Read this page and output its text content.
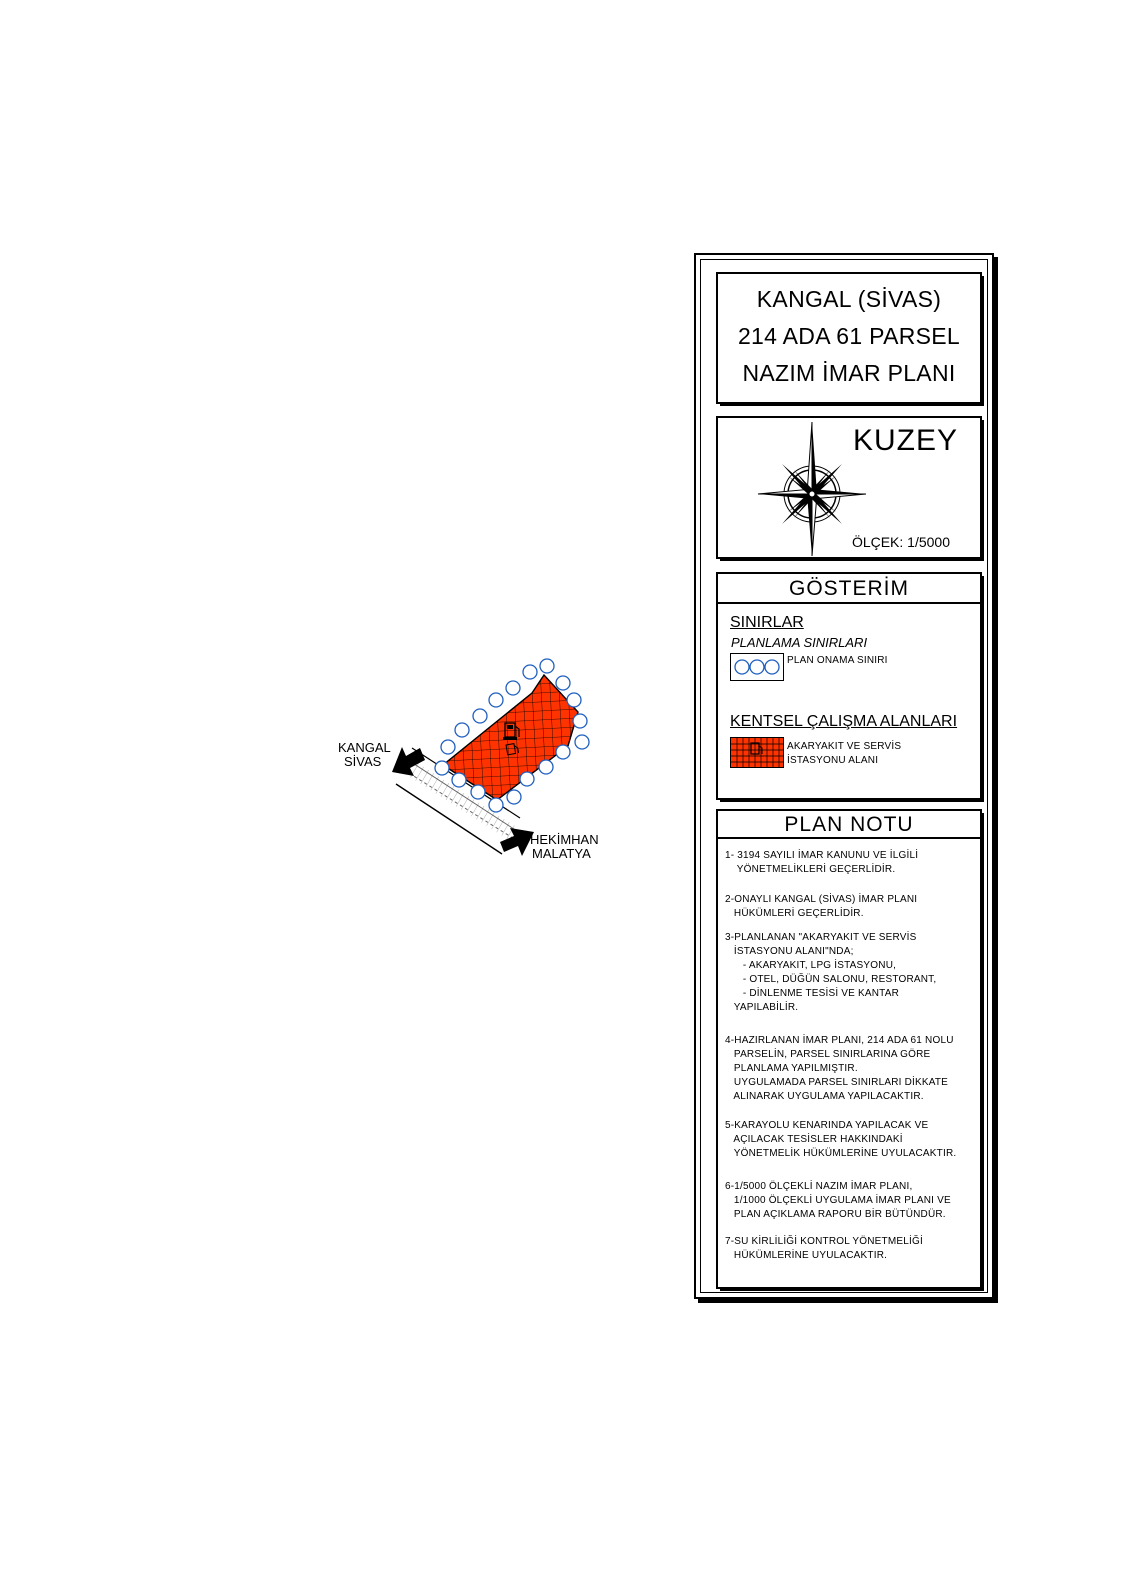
KANGAL
SİVAS
HEKİMHAN
MALATYA
KANGAL (SİVAS)
214 ADA 61 PARSEL
NAZIM İMAR PLANI
KUZEY
ÖLÇEK: 1/5000
GÖSTERİM
SINIRLAR
PLANLAMA SINIRLARI
PLAN ONAMA SINIRI
KENTSEL ÇALIŞMA ALANLARI
AKARYAKIT VE SERVİS
İSTASYONU ALANI
PLAN NOTU
1- 3194 SAYILI İMAR KANUNU VE İLGİLİ
YÖNETMELİKLERİ GEÇERLİDİR.
2-ONAYLI KANGAL (SİVAS) İMAR PLANI
HÜKÜMLERİ GEÇERLİDİR.
3-PLANLANAN "AKARYAKIT VE SERVİS
İSTASYONU ALANI"NDA;
- AKARYAKIT, LPG İSTASYONU,
- OTEL, DÜĞÜN SALONU, RESTORANT,
- DİNLENME TESİSİ VE KANTAR
YAPILABİLİR.
4-HAZIRLANAN İMAR PLANI, 214 ADA 61 NOLU
PARSELİN, PARSEL SINIRLARINA GÖRE
PLANLAMA YAPILMIŞTIR.
UYGULAMADA PARSEL SINIRLARI DİKKATE
ALINARAK UYGULAMA YAPILACAKTIR.
5-KARAYOLU KENARINDA YAPILACAK VE
AÇILACAK TESİSLER HAKKINDAKİ
YÖNETMELİK HÜKÜMLERİNE UYULACAKTIR.
6-1/5000 ÖLÇEKLİ NAZIM İMAR PLANI,
1/1000 ÖLÇEKLİ UYGULAMA İMAR PLANI VE
PLAN AÇIKLAMA RAPORU BİR BÜTÜNDÜR.
7-SU KİRLİLİĞİ KONTROL YÖNETMELİĞİ
HÜKÜMLERİNE UYULACAKTIR.
